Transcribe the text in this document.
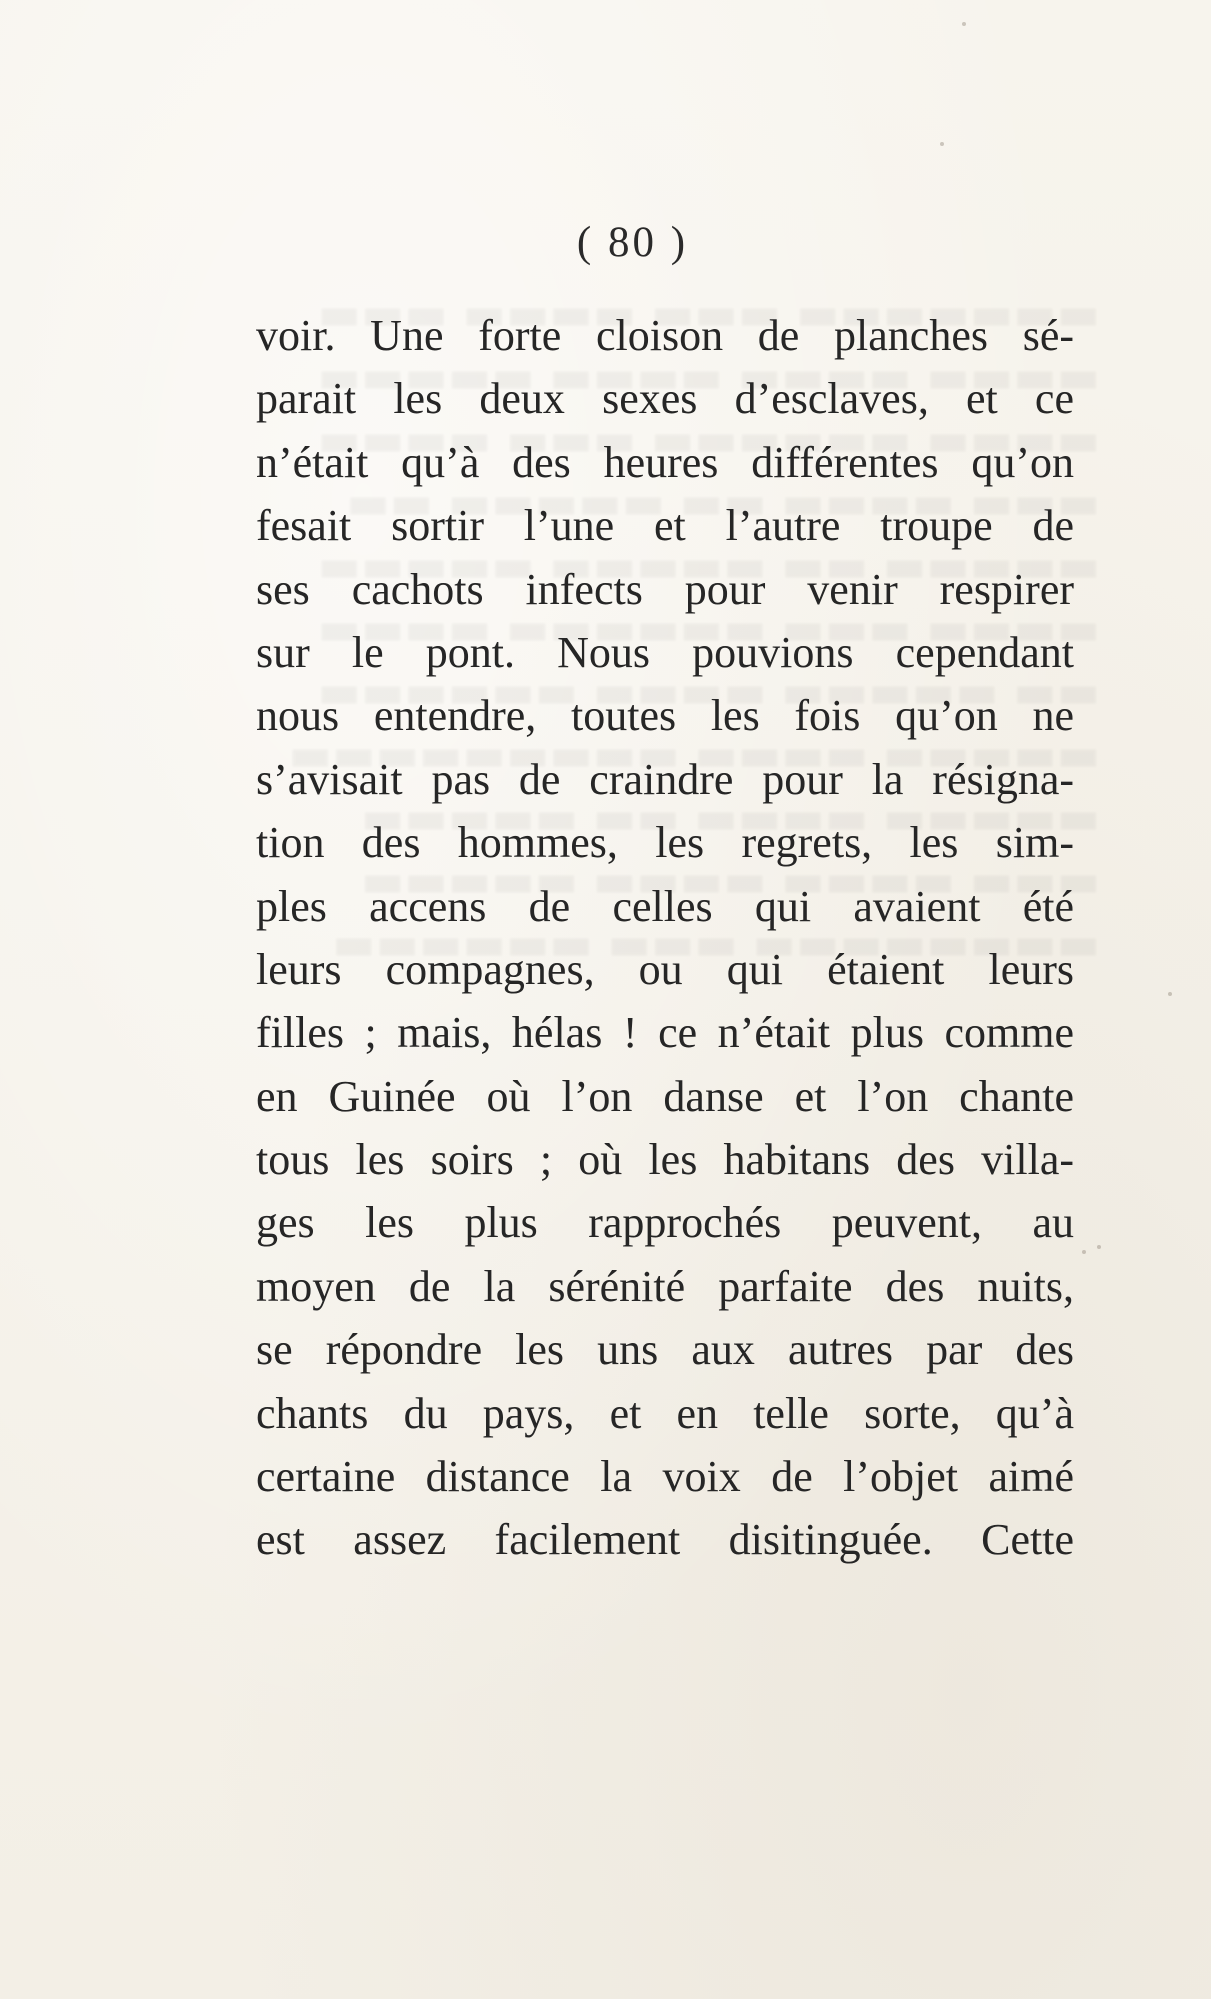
( 80 )
voir. Une forte cloison de planches sé-
parait les deux sexes d’esclaves, et ce
n’était qu’à des heures différentes qu’on
fesait sortir l’une et l’autre troupe de
ses cachots infects pour venir respirer
sur le pont. Nous pouvions cependant
nous entendre, toutes les fois qu’on ne
s’avisait pas de craindre pour la résigna-
tion des hommes, les regrets, les sim-
ples accens de celles qui avaient été
leurs compagnes, ou qui étaient leurs
filles ; mais, hélas ! ce n’était plus comme
en Guinée où l’on danse et l’on chante
tous les soirs ; où les habitans des villa-
ges les plus rapprochés peuvent, au
moyen de la sérénité parfaite des nuits,
se répondre les uns aux autres par des
chants du pays, et en telle sorte, qu’à
certaine distance la voix de l’objet aimé
est assez facilement disitinguée. Cette
